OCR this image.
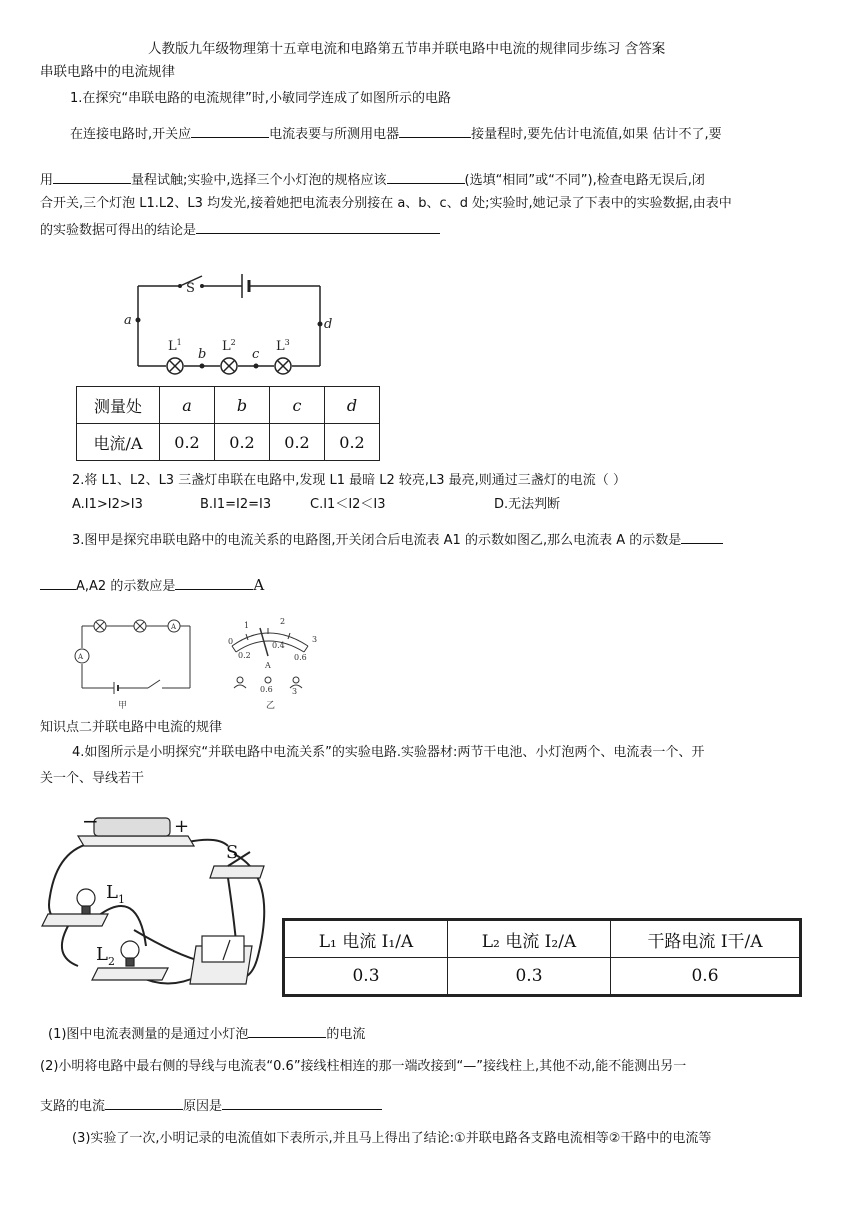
人教版九年级物理第十五章电流和电路第五节串并联电路中电流的规律同步练习 含答案
串联电路中的电流规律
1.在探究“串联电路的电流规律”时,小敏同学连成了如图所示的电路
在连接电路时,开关应	电流表要与所测用电器	接量程时,要先估计电流值,如果 估计不了,要
用	量程试触;实验中,选择三个小灯泡的规格应该	(选填“相同”或“不同”),检查电路无误后,闭
合开关,三个灯泡 L1.L2、L3 均发光,接着她把电流表分别接在 a、b、c、d 处;实验时,她记录了下表中的实验数据,由表中
的实验数据可得出的结论是
S
a	d
b	c
$L^1$	$L^2$	$L^3$
测量处	a	b	c	d
电流/A	0.2	0.2	0.2	0.2
2.将 L1、L2、L3 三盏灯串联在电路中,发现 L1 最暗 L2 较亮,L3 最亮,则通过三盏灯的电流（ ）
A.I1>I2>I3	B.I1=I2=I3	C.I1＜I2＜I3	D.无法判断
3.图甲是探究串联电路中的电流关系的电路图,开关闭合后电流表 A1 的示数如图乙,那么电流表 A 的示数是
A,A2 的示数应是	A
A
A
甲
0
1	2
3
0.2
0.4
0.6
A
0.6 3
乙
知识点二并联电路中电流的规律
4.如图所示是小明探究“并联电路中电流关系”的实验电路.实验器材:两节干电池、小灯泡两个、电流表一个、开
关一个、导线若干
−	+
S
$L_1$
$L_2$
L₁ 电流 I₁/A	L₂ 电流 I₂/A	干路电流 I干/A
0.3	0.3	0.6
(1)图中电流表测量的是通过小灯泡	的电流
(2)小明将电路中最右侧的导线与电流表“0.6”接线柱相连的那一端改接到“—”接线柱上,其他不动,能不能测出另一
支路的电流	原因是
(3)实验了一次,小明记录的电流值如下表所示,并且马上得出了结论:①并联电路各支路电流相等②干路中的电流等
